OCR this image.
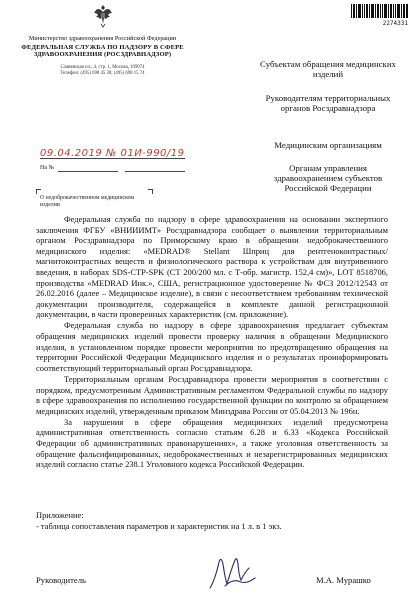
Министерство здравоохранения Российской Федерации
ФЕДЕРАЛЬНАЯ СЛУЖБА ПО НАДЗОРУ В СФЕРЕ ЗДРАВООХРАНЕНИЯ (РОСЗДРАВНАДЗОР)
Славянская пл., 4, стр. 1, Москва, 109074
Телефон: (495) 698 45 38; (495) 698 15 74
09.04.2019 № 01И-990/19
На №
О недоброкачественном медицинском изделии
2274331
Субъектам обращения медицинских изделий
Руководителям территориальных органов Росздравнадзора
Медицинским организациям
Органам управления здравоохранением субъектов Российской Федерации

Федеральная служба по надзору в сфере здравоохранения на основании экспертного заключения ФГБУ «ВНИИИМТ» Росздравнадзора сообщает о выявлении территориальным органом Росздравнадзора по Приморскому краю в обращении недоброкачественного медицинского изделия: «MEDRAD® Stellant Шприц для рентгеноконтрастных/магнитоконтрастных веществ и физиологического раствора к устройствам для внутривенного введения, в наборах SDS-CTP-SPK (СТ 200/200 мл. с Т-обр. магистр. 152,4 см)», LOT 8518706, производства «MEDRAD Инк.», США, регистрационное удостоверение № ФСЗ 2012/12543 от 26.02.2016 (далее – Медицинское изделие), в связи с несоответствием требованиям технической документации производителя, содержащейся в комплекте данной регистрационной документации, в части проверенных характеристик (см. приложение).

Федеральная служба по надзору в сфере здравоохранения предлагает субъектам обращения медицинских изделий провести проверку наличия в обращении Медицинского изделия, в установленном порядке провести мероприятия по предотвращению обращения на территории Российской Федерации Медицинского изделия и о результатах проинформировать соответствующий территориальный орган Росздравнадзора.

Территориальным органам Росздравнадзора провести мероприятия в соответствии с порядком, предусмотренным Административным регламентом Федеральной службы по надзору в сфере здравоохранения по исполнению государственной функции по контролю за обращением медицинских изделий, утвержденным приказом Минздрава России от 05.04.2013 № 196н.

За нарушения в сфере обращения медицинских изделий предусмотрена административная ответственность согласно статьям 6.28 и 6.33 «Кодекса Российской Федерации об административных правонарушениях», а также уголовная ответственность за обращение фальсифицированных, недоброкачественных и незарегистрированных медицинских изделий согласно статье 238.1 Уголовного кодекса Российской Федерации.

Приложение:
- таблица сопоставления параметров и характеристик на 1 л. в 1 экз.
Руководитель	М.А. Мурашко
